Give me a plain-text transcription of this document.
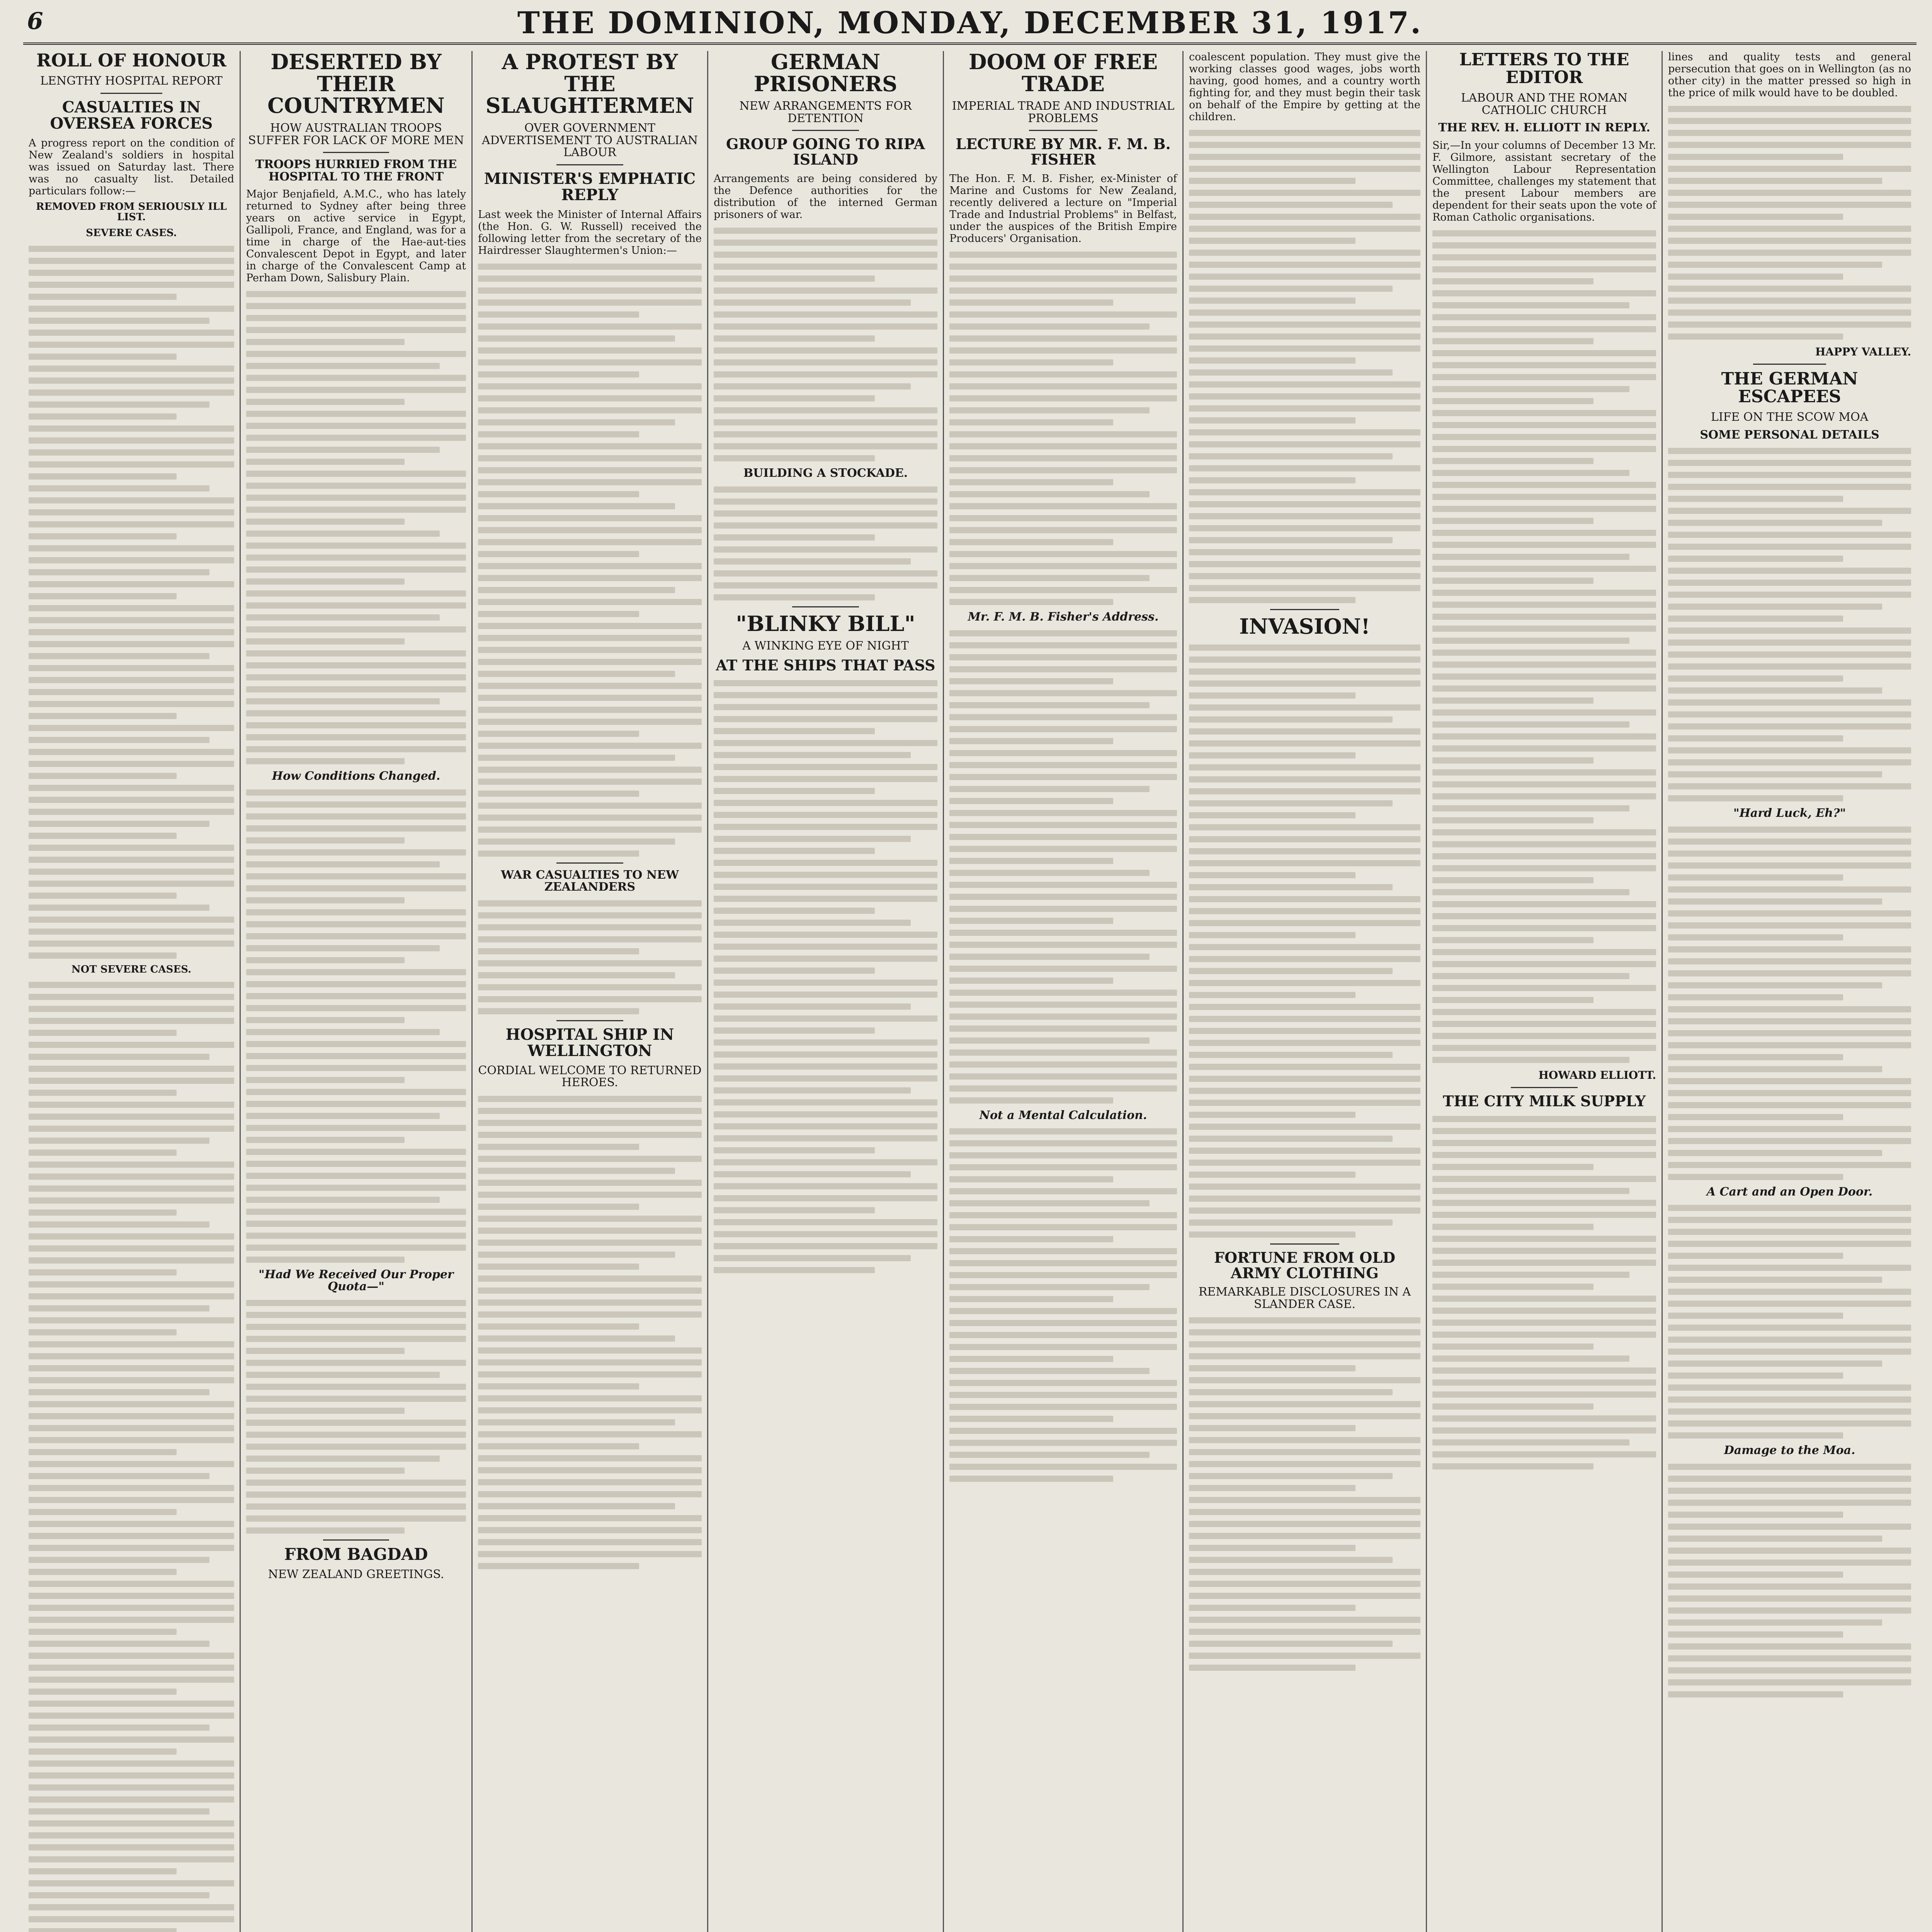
6	THE DOMINION, MONDAY, DECEMBER 31, 1917.
ROLL OF HONOUR
LENGTHY HOSPITAL REPORT
CASUALTIES IN OVERSEA FORCES

A progress report on the condition of New Zealand's soldiers in hospital was issued on Saturday last. There was no casualty list. Detailed particulars follow:—

REMOVED FROM SERIOUSLY ILL LIST.
SEVERE CASES.
NOT SEVERE CASES.
DESERTED BY THEIR COUNTRYMEN
HOW AUSTRALIAN TROOPS SUFFER FOR LACK OF MORE MEN
TROOPS HURRIED FROM THE HOSPITAL TO THE FRONT

Major Benjafield, A.M.C., who has lately returned to Sydney after being three years on active service in Egypt, Gallipoli, France, and England, was for a time in charge of the Hae-aut-ties Convalescent Depot in Egypt, and later in charge of the Convalescent Camp at Perham Down, Salisbury Plain.

How Conditions Changed.
"Had We Received Our Proper Quota—"
FROM BAGDAD
NEW ZEALAND GREETINGS.
A PROTEST BY THE SLAUGHTERMEN
OVER GOVERNMENT ADVERTISEMENT TO AUSTRALIAN LABOUR
MINISTER'S EMPHATIC REPLY

Last week the Minister of Internal Affairs (the Hon. G. W. Russell) received the following letter from the secretary of the Hairdresser Slaughtermen's Union:—

WAR CASUALTIES TO NEW ZEALANDERS
HOSPITAL SHIP IN WELLINGTON
CORDIAL WELCOME TO RETURNED HEROES.
GERMAN PRISONERS
NEW ARRANGEMENTS FOR DETENTION
GROUP GOING TO RIPA ISLAND

Arrangements are being considered by the Defence authorities for the distribution of the interned German prisoners of war.

BUILDING A STOCKADE.
"BLINKY BILL"
A WINKING EYE OF NIGHT
AT THE SHIPS THAT PASS
DOOM OF FREE TRADE
IMPERIAL TRADE AND INDUSTRIAL PROBLEMS
LECTURE BY MR. F. M. B. FISHER

The Hon. F. M. B. Fisher, ex-Minister of Marine and Customs for New Zealand, recently delivered a lecture on "Imperial Trade and Industrial Problems" in Belfast, under the auspices of the British Empire Producers' Organisation.

Mr. F. M. B. Fisher's Address.
Not a Mental Calculation.

coalescent population. They must give the working classes good wages, jobs worth having, good homes, and a country worth fighting for, and they must begin their task on behalf of the Empire by getting at the children.

INVASION!
FORTUNE FROM OLD ARMY CLOTHING
REMARKABLE DISCLOSURES IN A SLANDER CASE.
LETTERS TO THE EDITOR
LABOUR AND THE ROMAN CATHOLIC CHURCH
THE REV. H. ELLIOTT IN REPLY.

Sir,—In your columns of December 13 Mr. F. Gilmore, assistant secretary of the Wellington Labour Representation Committee, challenges my statement that the present Labour members are dependent for their seats upon the vote of Roman Catholic organisations.

HOWARD ELLIOTT.
THE CITY MILK SUPPLY

lines and quality tests and general persecution that goes on in Wellington (as no other city) in the matter pressed so high in the price of milk would have to be doubled.

HAPPY VALLEY.
THE GERMAN ESCAPEES
LIFE ON THE SCOW MOA
SOME PERSONAL DETAILS
"Hard Luck, Eh?"
A Cart and an Open Door.
Damage to the Moa.
